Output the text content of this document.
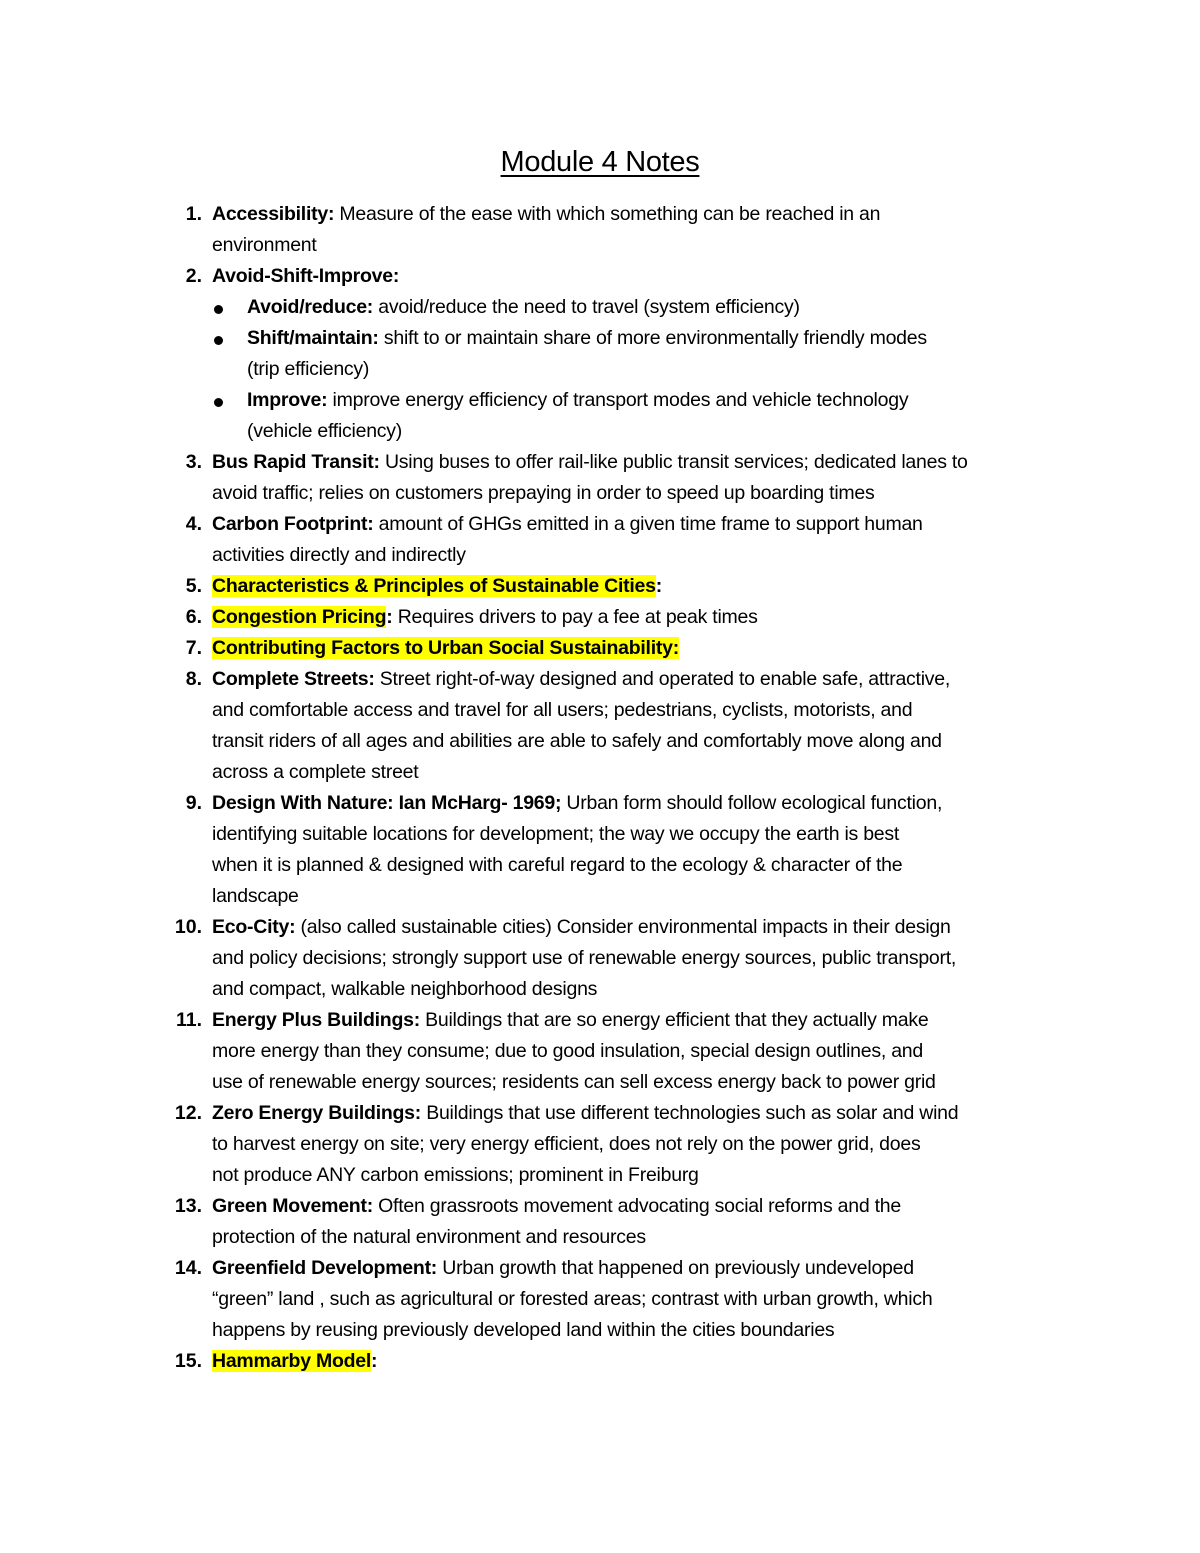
Module 4 Notes
1. Accessibility: Measure of the ease with which something can be reached in an
environment
2. Avoid-Shift-Improve:
Avoid/reduce: avoid/reduce the need to travel (system efficiency)
Shift/maintain: shift to or maintain share of more environmentally friendly modes
(trip efficiency)
Improve: improve energy efficiency of transport modes and vehicle technology
(vehicle efficiency)
3. Bus Rapid Transit: Using buses to offer rail-like public transit services; dedicated lanes to
avoid traffic; relies on customers prepaying in order to speed up boarding times
4. Carbon Footprint: amount of GHGs emitted in a given time frame to support human
activities directly and indirectly
5. Characteristics & Principles of Sustainable Cities:
6. Congestion Pricing: Requires drivers to pay a fee at peak times
7. Contributing Factors to Urban Social Sustainability:
8. Complete Streets: Street right-of-way designed and operated to enable safe, attractive,
and comfortable access and travel for all users; pedestrians, cyclists, motorists, and
transit riders of all ages and abilities are able to safely and comfortably move along and
across a complete street
9. Design With Nature: Ian McHarg- 1969; Urban form should follow ecological function,
identifying suitable locations for development; the way we occupy the earth is best
when it is planned & designed with careful regard to the ecology & character of the
landscape
10. Eco-City: (also called sustainable cities) Consider environmental impacts in their design
and policy decisions; strongly support use of renewable energy sources, public transport,
and compact, walkable neighborhood designs
11. Energy Plus Buildings: Buildings that are so energy efficient that they actually make
more energy than they consume; due to good insulation, special design outlines, and
use of renewable energy sources; residents can sell excess energy back to power grid
12. Zero Energy Buildings: Buildings that use different technologies such as solar and wind
to harvest energy on site; very energy efficient, does not rely on the power grid, does
not produce ANY carbon emissions; prominent in Freiburg
13. Green Movement: Often grassroots movement advocating social reforms and the
protection of the natural environment and resources
14. Greenfield Development: Urban growth that happened on previously undeveloped
“green” land , such as agricultural or forested areas; contrast with urban growth, which
happens by reusing previously developed land within the cities boundaries
15. Hammarby Model:
